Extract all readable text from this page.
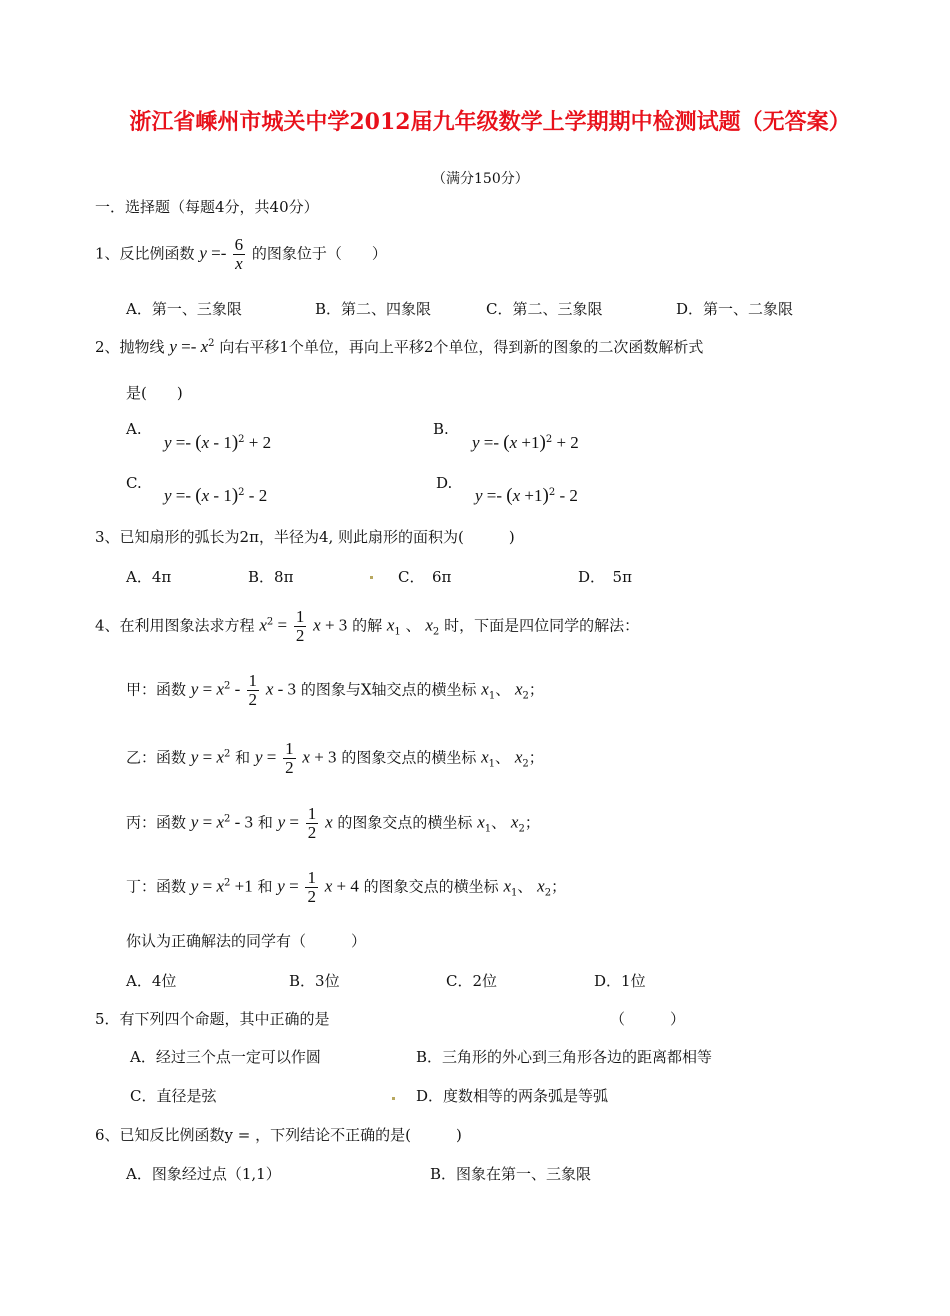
浙江省嵊州市城关中学2012届九年级数学上学期期中检测试题（无答案）
（满分150分）
一．选择题（每题4分，共40分）
1、反比例函数 $y =- \frac{6}{x}$ 的图象位于（　　）
A．第一、三象限	B．第二、四象限	C．第二、三象限	D．第一、二象限
2、抛物线 $y =- x^2$ 向右平移1个单位，再向上平移2个单位，得到新的图象的二次函数解析式
是(　　)
A.
y =- (x - 1)$^2$ + 2
B.
$y =- (x +1)^2 + 2$
C.
y =- (x - 1)$^2$ - 2
D.
$y =- (x +1)^2 - 2$
3、已知扇形的弧长为2π，半径为4, 则此扇形的面积为(　　　)
A．4π	B．8π	C．　6π	D．　5π
4、在利用图象法求方程 $x^2 = \frac{1}{2}$ x + 3 的解 $x_1$ 、 $x_2$ 时，下面是四位同学的解法：
甲：函数 $y = x^2 - \frac{1}{2}$ x - 3 的图象与X轴交点的横坐标 $x_1$、 $x_2$；
乙：函数 $y = x^2$ 和 $y = \frac{1}{2}$ x + 3 的图象交点的横坐标 $x_1$、 $x_2$；
丙：函数 $y = x^2 - 3$ 和 $y = \frac{1}{2}$ x 的图象交点的横坐标 $x_1$、 $x_2$；
丁：函数 $y = x^2 +1$ 和 $y = \frac{1}{2}$ x + 4 的图象交点的横坐标 $x_1$、 $x_2$；
你认为正确解法的同学有（　　　）
A．4位	B．3位	C．2位	D．1位
5．有下列四个命题，其中正确的是	（　　　）
A．经过三个点一定可以作圆	B．三角形的外心到三角形各边的距离都相等
C．直径是弦	D．度数相等的两条弧是等弧
6、已知反比例函数y = ，下列结论不正确的是(　　　)
A．图象经过点（1,1）	B．图象在第一、三象限
